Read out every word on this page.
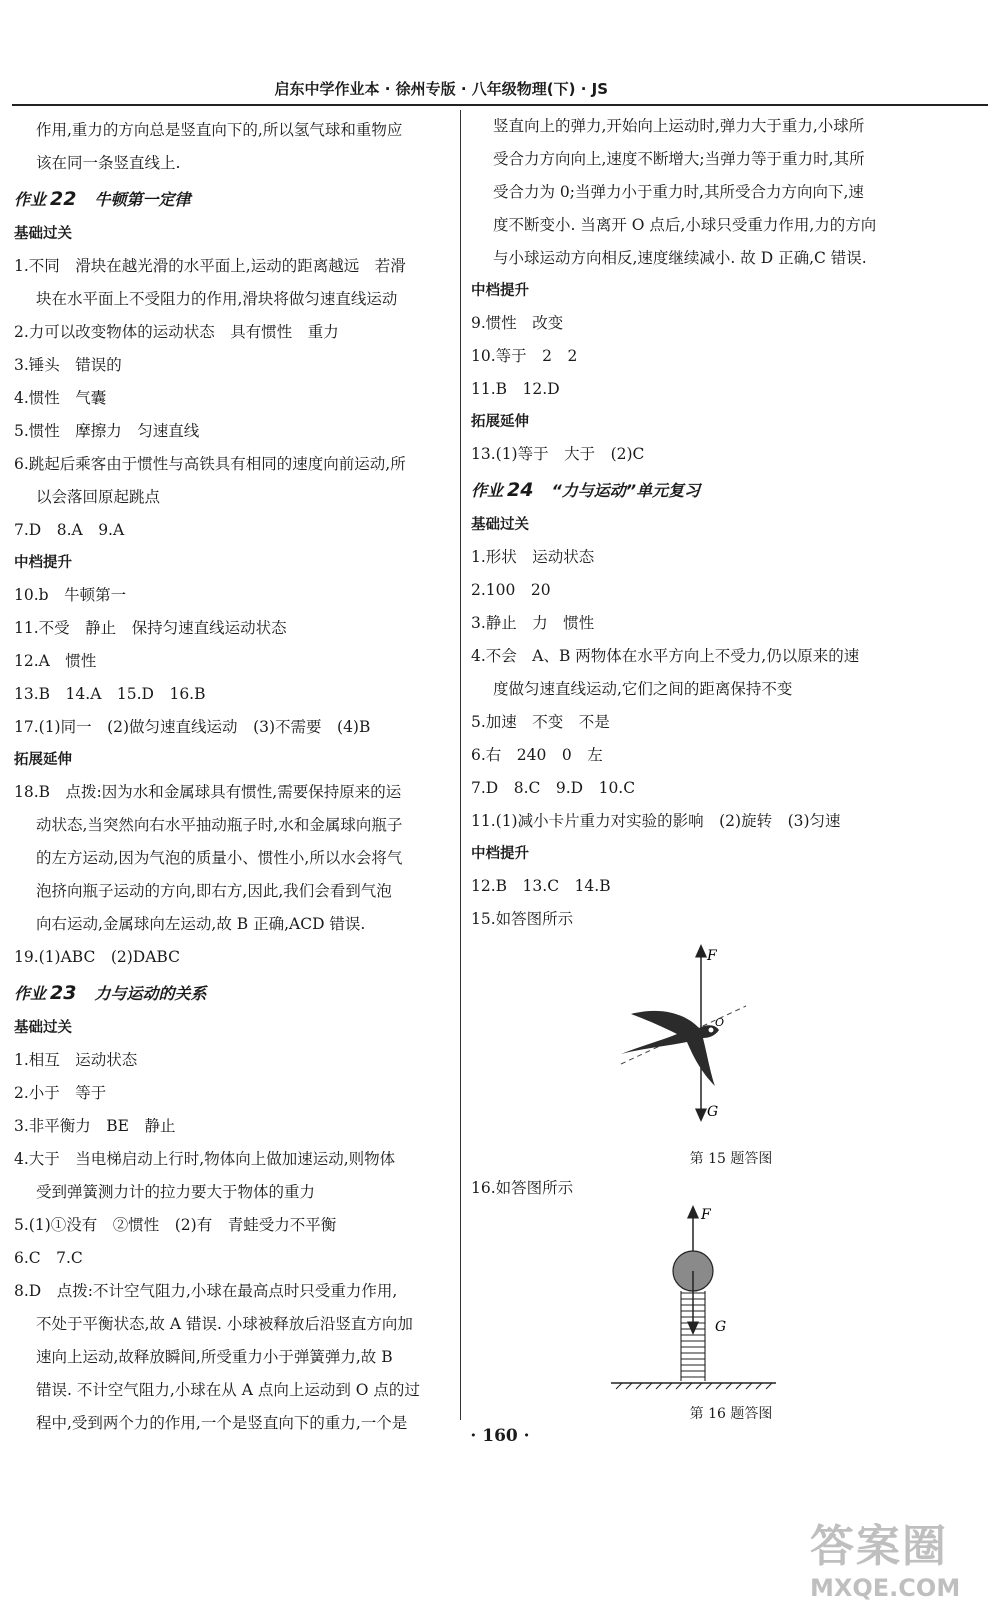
启东中学作业本 · 徐州专版 · 八年级物理(下) · JS
作用,重力的方向总是竖直向下的,所以氢气球和重物应
该在同一条竖直线上.
作业 22 牛顿第一定律
基础过关
1.不同　滑块在越光滑的水平面上,运动的距离越远　若滑
块在水平面上不受阻力的作用,滑块将做匀速直线运动
2.力可以改变物体的运动状态　具有惯性　重力
3.锤头　错误的
4.惯性　气囊
5.惯性　摩擦力　匀速直线
6.跳起后乘客由于惯性与高铁具有相同的速度向前运动,所
以会落回原起跳点
7.D　8.A　9.A
中档提升
10.b　牛顿第一
11.不受　静止　保持匀速直线运动状态
12.A　惯性
13.B　14.A　15.D　16.B
17.(1)同一　(2)做匀速直线运动　(3)不需要　(4)B
拓展延伸
18.B　点拨:因为水和金属球具有惯性,需要保持原来的运
动状态,当突然向右水平抽动瓶子时,水和金属球向瓶子
的左方运动,因为气泡的质量小、惯性小,所以水会将气
泡挤向瓶子运动的方向,即右方,因此,我们会看到气泡
向右运动,金属球向左运动,故 B 正确,ACD 错误.
19.(1)ABC　(2)DABC
作业 23 力与运动的关系
基础过关
1.相互　运动状态
2.小于　等于
3.非平衡力　BE　静止
4.大于　当电梯启动上行时,物体向上做加速运动,则物体
受到弹簧测力计的拉力要大于物体的重力
5.(1)①没有　②惯性　(2)有　青蛙受力不平衡
6.C　7.C
8.D　点拨:不计空气阻力,小球在最高点时只受重力作用,
不处于平衡状态,故 A 错误. 小球被释放后沿竖直方向加
速向上运动,故释放瞬间,所受重力小于弹簧弹力,故 B
错误. 不计空气阻力,小球在从 A 点向上运动到 O 点的过
程中,受到两个力的作用,一个是竖直向下的重力,一个是
竖直向上的弹力,开始向上运动时,弹力大于重力,小球所
受合力方向向上,速度不断增大;当弹力等于重力时,其所
受合力为 0;当弹力小于重力时,其所受合力方向向下,速
度不断变小. 当离开 O 点后,小球只受重力作用,力的方向
与小球运动方向相反,速度继续减小. 故 D 正确,C 错误.
中档提升
9.惯性　改变
10.等于　2　2
11.B　12.D
拓展延伸
13.(1)等于　大于　(2)C
作业 24 “力与运动”单元复习
基础过关
1.形状　运动状态
2.100　20
3.静止　力　惯性
4.不会　A、B 两物体在水平方向上不受力,仍以原来的速
度做匀速直线运动,它们之间的距离保持不变
5.加速　不变　不是
6.右　240　0　左
7.D　8.C　9.D　10.C
11.(1)减小卡片重力对实验的影响　(2)旋转　(3)匀速
中档提升
12.B　13.C　14.B
15.如答图所示
F
G
O
第 15 题答图
16.如答图所示
F
G
第 16 题答图
· 160 ·
答案圈
MXQE.COM
